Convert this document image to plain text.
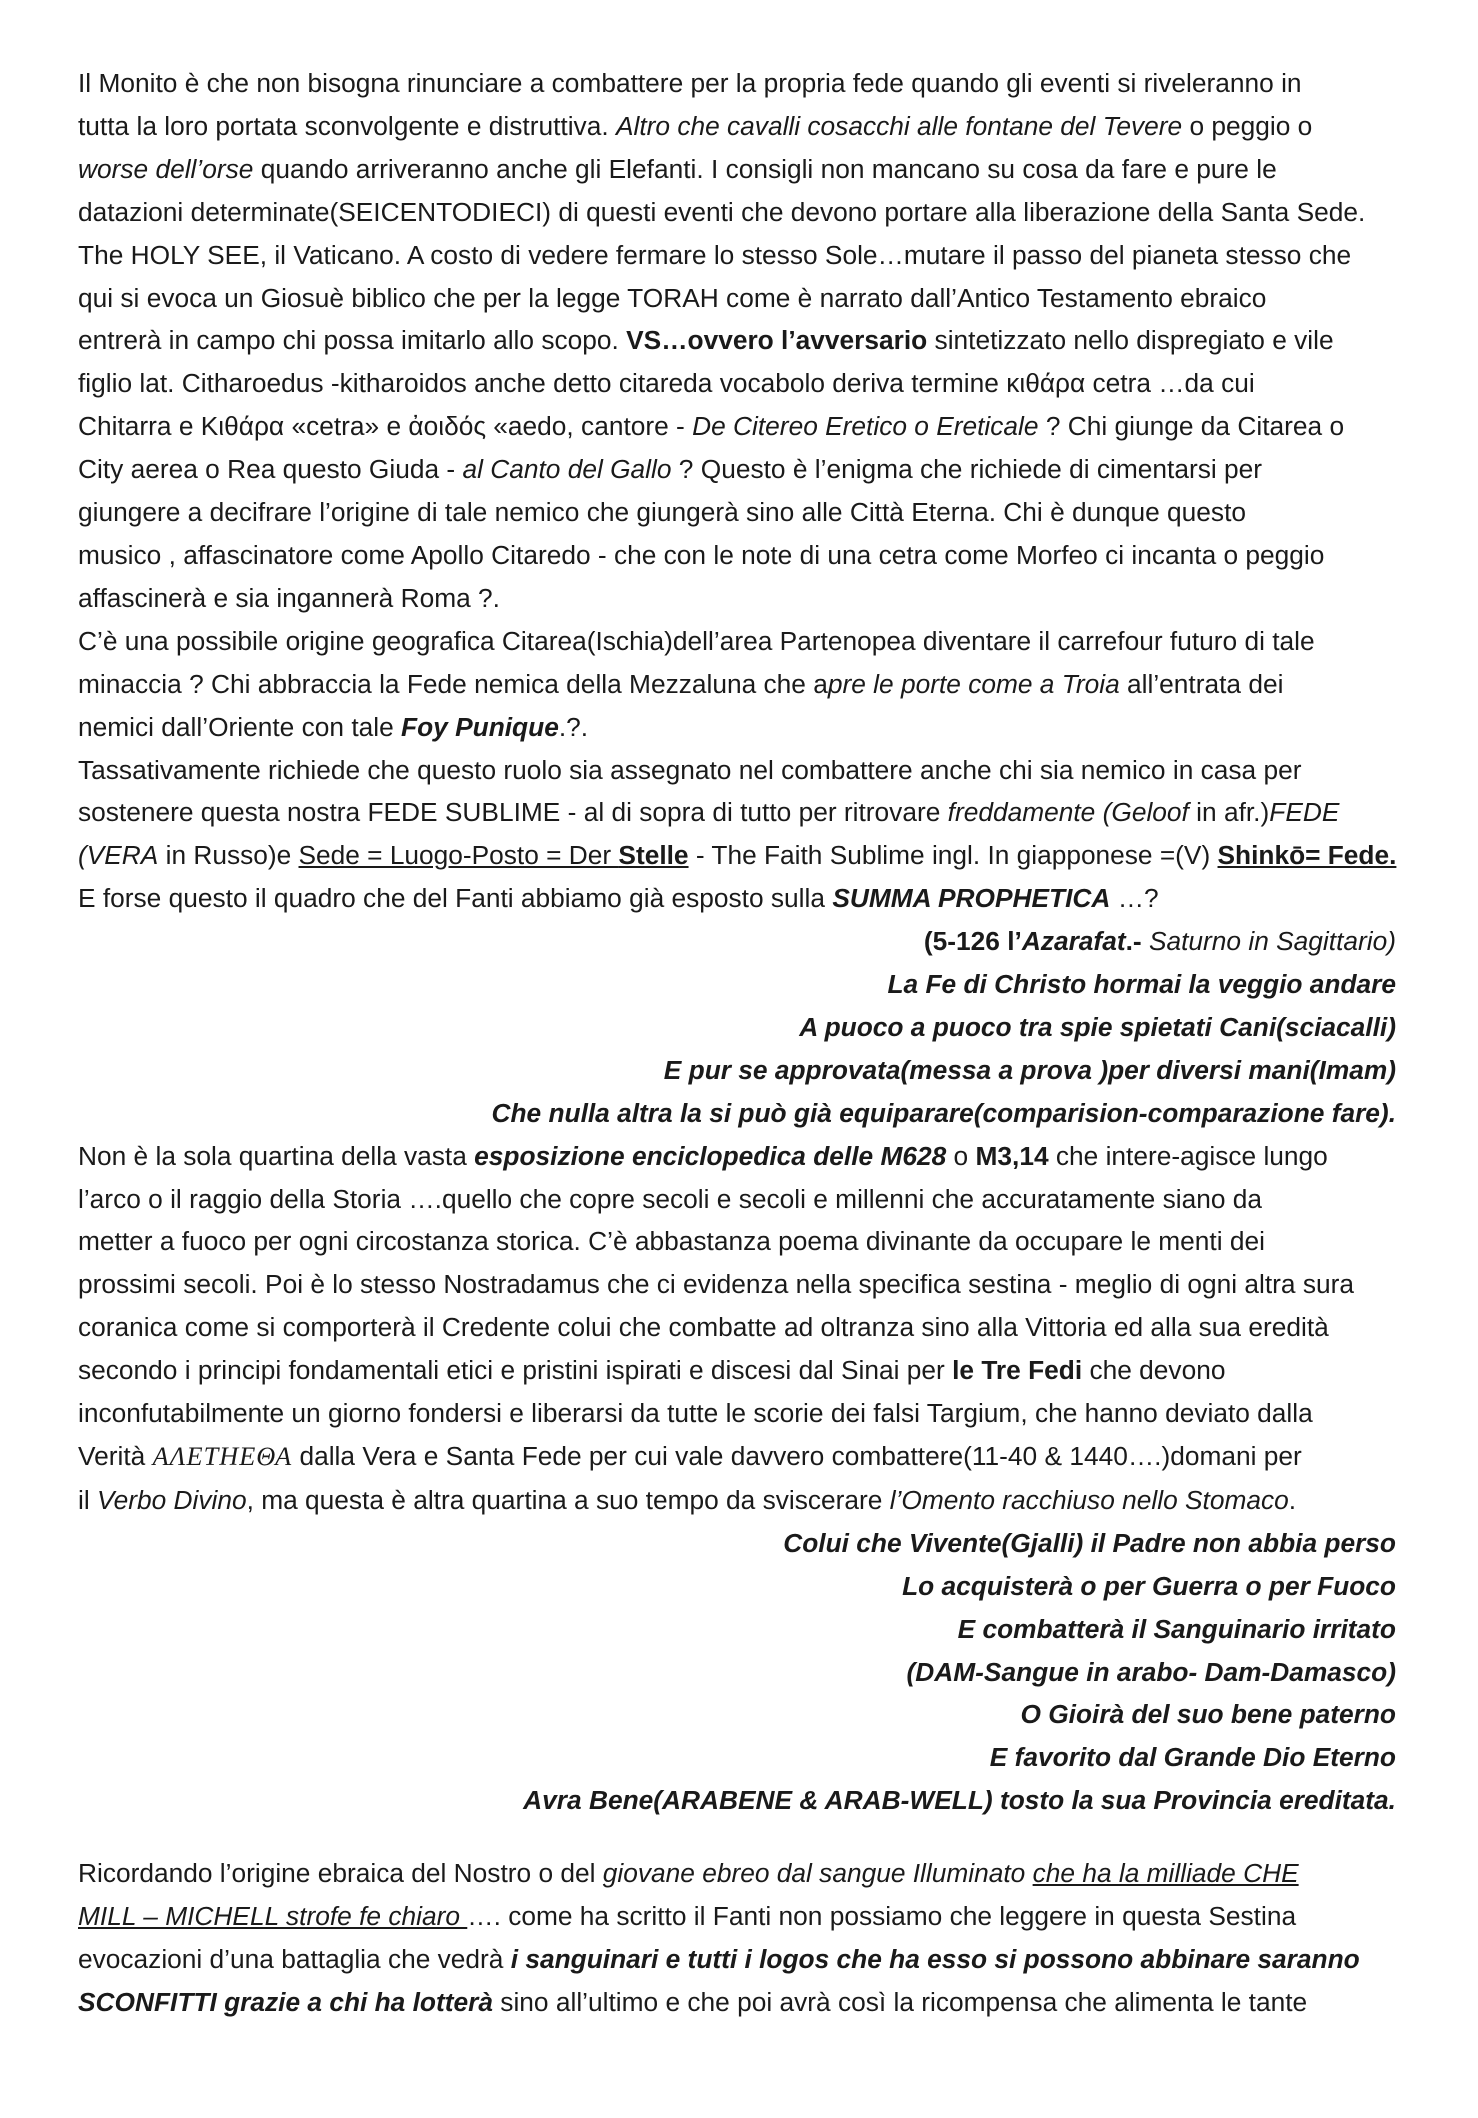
Il Monito è che non bisogna rinunciare a combattere per la propria fede quando gli eventi si riveleranno in
tutta la loro portata sconvolgente e distruttiva. Altro che cavalli cosacchi alle fontane del Tevere o peggio o
worse dell’orse quando arriveranno anche gli Elefanti. I consigli non mancano su cosa da fare e pure le
datazioni determinate(SEICENTODIECI) di questi eventi che devono portare alla liberazione della Santa Sede.
The HOLY SEE, il Vaticano. A costo di vedere fermare lo stesso Sole…mutare il passo del pianeta stesso che
qui si evoca un Giosuè biblico che per la legge TORAH come è narrato dall’Antico Testamento ebraico
entrerà in campo chi possa imitarlo allo scopo. VS…ovvero l’avversario sintetizzato nello dispregiato e vile
figlio lat. Citharoedus -kitharoidos anche detto citareda vocabolo deriva termine κιθάρα cetra …da cui
Chitarra e Κιθάρα «cetra» e ἀοιδός «aedo, cantore - De Citereo Eretico o Ereticale ? Chi giunge da Citarea o
City aerea o Rea questo Giuda - al Canto del Gallo ? Questo è l’enigma che richiede di cimentarsi per
giungere a decifrare l’origine di tale nemico che giungerà sino alle Città Eterna. Chi è dunque questo
musico , affascinatore come Apollo Citaredo - che con le note di una cetra come Morfeo ci incanta o peggio
affascinerà e sia ingannerà Roma ?.
C’è una possibile origine geografica Citarea(Ischia)dell’area Partenopea diventare il carrefour futuro di tale
minaccia ? Chi abbraccia la Fede nemica della Mezzaluna che apre le porte come a Troia all’entrata dei
nemici dall’Oriente con tale Foy Punique.?.
Tassativamente richiede che questo ruolo sia assegnato nel combattere anche chi sia nemico in casa per
sostenere questa nostra FEDE SUBLIME - al di sopra di tutto per ritrovare freddamente (Geloof in afr.)FEDE
(VERA in Russo)e Sede = Luogo-Posto = Der Stelle - The Faith Sublime ingl. In giapponese =(V) Shinkō= Fede.
E forse questo il quadro che del Fanti abbiamo già esposto sulla SUMMA PROPHETICA …?
(5-126 l’Azarafat.- Saturno in Sagittario)
La Fe di Christo hormai la veggio andare
A puoco a puoco tra spie spietati Cani(sciacalli)
E pur se approvata(messa a prova )per diversi mani(Imam)
Che nulla altra la si può già equiparare(comparision-comparazione fare).
Non è la sola quartina della vasta esposizione enciclopedica delle M628 o M3,14 che intere-agisce lungo
l’arco o il raggio della Storia ….quello che copre secoli e secoli e millenni che accuratamente siano da
metter a fuoco per ogni circostanza storica. C’è abbastanza poema divinante da occupare le menti dei
prossimi secoli. Poi è lo stesso Nostradamus che ci evidenza nella specifica sestina - meglio di ogni altra sura
coranica come si comporterà il Credente colui che combatte ad oltranza sino alla Vittoria ed alla sua eredità
secondo i principi fondamentali etici e pristini ispirati e discesi dal Sinai per le Tre Fedi che devono
inconfutabilmente un giorno fondersi e liberarsi da tutte le scorie dei falsi Targium, che hanno deviato dalla
Verità ΑΛΕΤΗΕΘΑ dalla Vera e Santa Fede per cui vale davvero combattere(11-40 & 1440….)domani per
il Verbo Divino, ma questa è altra quartina a suo tempo da sviscerare l’Omento racchiuso nello Stomaco.
Colui che Vivente(Gjalli) il Padre non abbia perso
Lo acquisterà o per Guerra o per Fuoco
E combatterà il Sanguinario irritato
(DAM-Sangue in arabo- Dam-Damasco)
O Gioirà del suo bene paterno
E favorito dal Grande Dio Eterno
Avra Bene(ARABENE & ARAB-WELL) tosto la sua Provincia ereditata.
Ricordando l’origine ebraica del Nostro o del giovane ebreo dal sangue Illuminato che ha la milliade CHE
MILL – MICHELL strofe fe chiaro …. come ha scritto il Fanti non possiamo che leggere in questa Sestina
evocazioni d’una battaglia che vedrà i sanguinari e tutti i logos che ha esso si possono abbinare saranno
SCONFITTI grazie a chi ha lotterà sino all’ultimo e che poi avrà così la ricompensa che alimenta le tante
